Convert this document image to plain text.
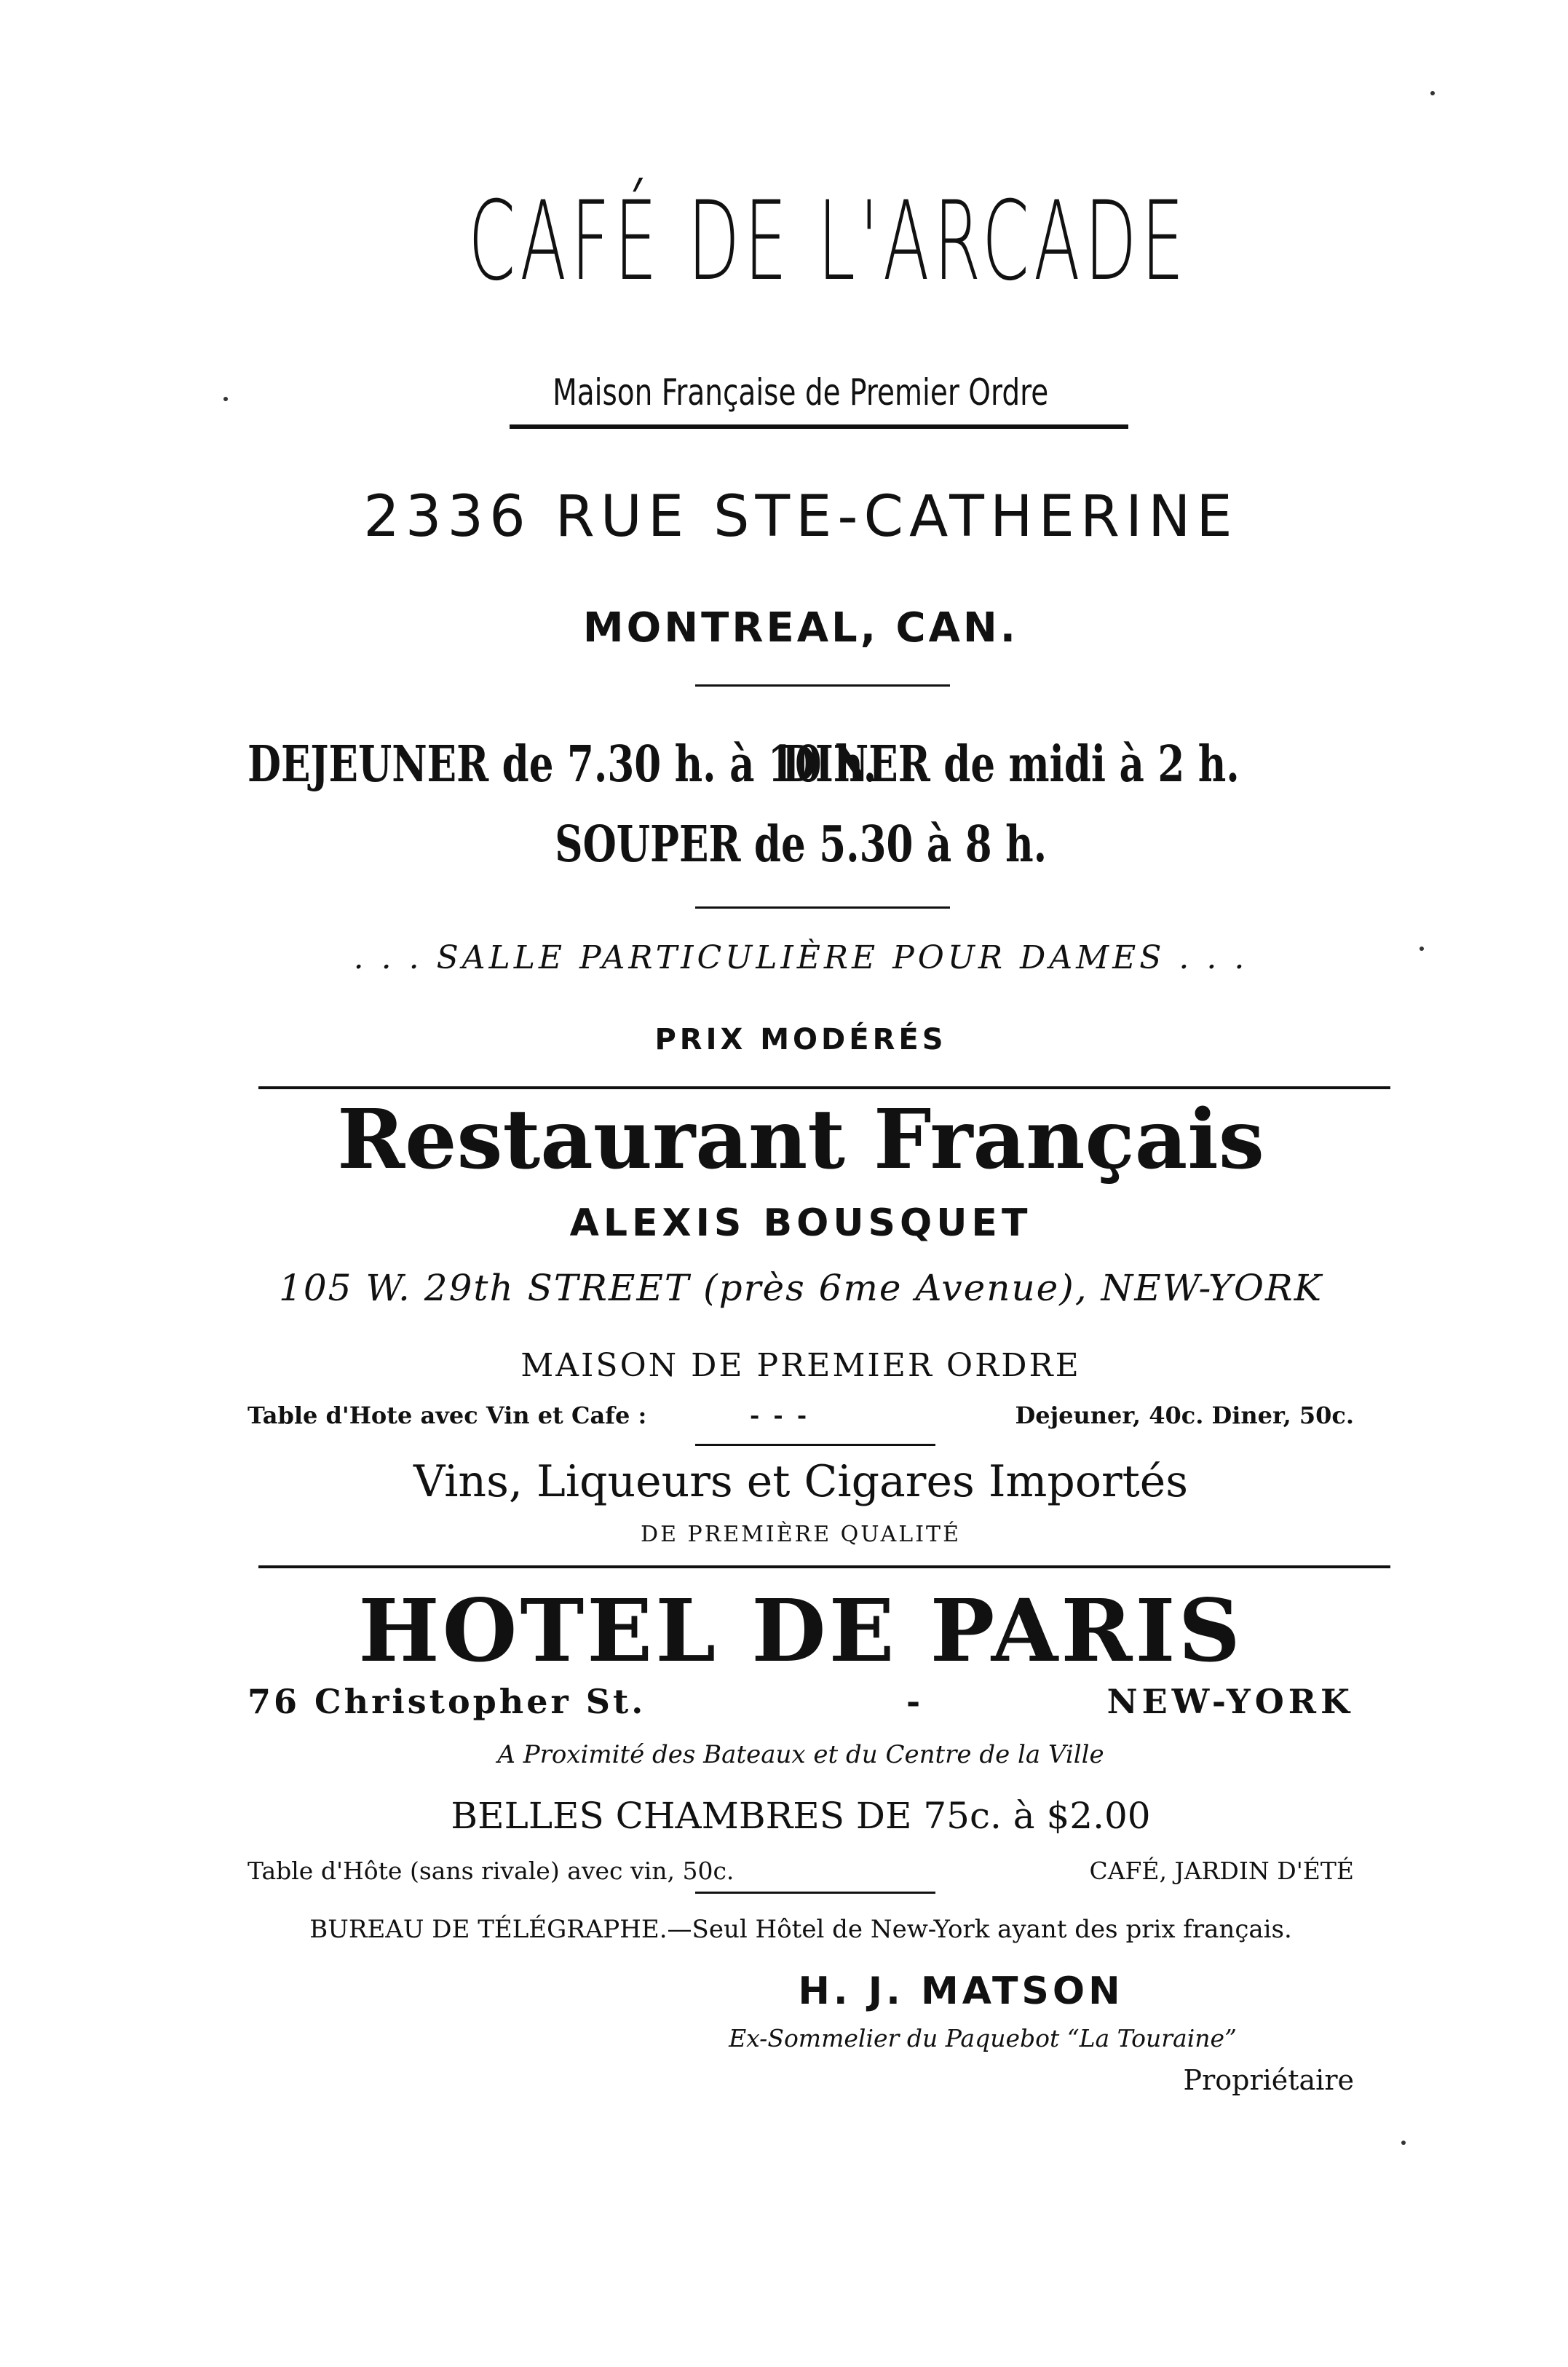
CAFÉ DE L'ARCADE
Maison Française de Premier Ordre
2336 RUE STE-CATHERINE
MONTREAL, CAN.
DEJEUNER de 7.30 h. à 10 h.
DINER de midi à 2 h.
SOUPER de 5.30 à 8 h.
. . . SALLE PARTICULIÈRE POUR DAMES . . .
PRIX MODÉRÉS
Restaurant Français
ALEXIS BOUSQUET
105 W. 29th STREET (près 6me Avenue), NEW-YORK
MAISON DE PREMIER ORDRE
Table d'Hote avec Vin et Cafe :	- - -	Dejeuner, 40c. Diner, 50c.
Vins, Liqueurs et Cigares Importés
DE PREMIÈRE QUALITÉ
HOTEL DE PARIS
76 Christopher St.	-	NEW-YORK
A Proximité des Bateaux et du Centre de la Ville
BELLES CHAMBRES DE 75c. à $2.00
Table d'Hôte (sans rivale) avec vin, 50c.	CAFÉ, JARDIN D'ÉTÉ
BUREAU DE TÉLÉGRAPHE.—Seul Hôtel de New-York ayant des prix français.
H. J. MATSON
Ex-Sommelier du Paquebot “La Touraine”
Propriétaire
